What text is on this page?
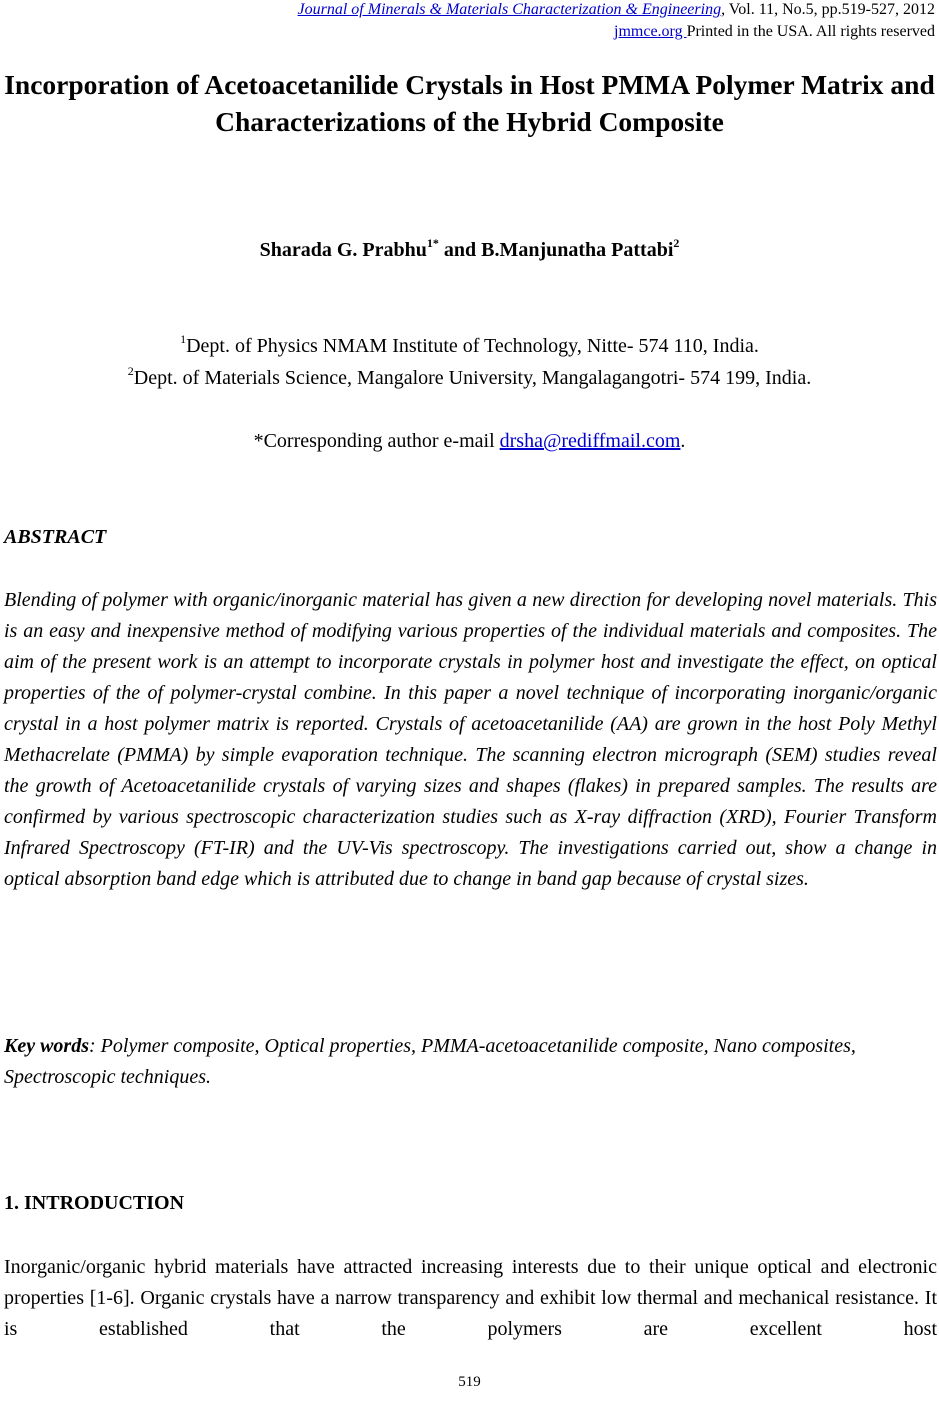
Journal of Minerals & Materials Characterization & Engineering, Vol. 11, No.5, pp.519-527, 2012
jmmce.org Printed in the USA. All rights reserved
Incorporation of Acetoacetanilide Crystals in Host PMMA Polymer Matrix and Characterizations of the Hybrid Composite
Sharada G. Prabhu$^{1*}$ and B.Manjunatha Pattabi$^2$
$^1$Dept. of Physics NMAM Institute of Technology, Nitte- 574 110, India.
$^2$Dept. of Materials Science, Mangalore University, Mangalagangotri- 574 199, India.
*Corresponding author e-mail drsha@rediffmail.com.
ABSTRACT
Blending of polymer with organic/inorganic material has given a new direction for developing novel materials. This is an easy and inexpensive method of modifying various properties of the individual materials and composites. The aim of the present work is an attempt to incorporate crystals in polymer host and investigate the effect, on optical properties of the of polymer-crystal combine. In this paper a novel technique of incorporating inorganic/organic crystal in a host polymer matrix is reported. Crystals of acetoacetanilide (AA) are grown in the host Poly Methyl Methacrelate (PMMA) by simple evaporation technique. The scanning electron micrograph (SEM) studies reveal the growth of Acetoacetanilide crystals of varying sizes and shapes (flakes) in prepared samples. The results are confirmed by various spectroscopic characterization studies such as X-ray diffraction (XRD), Fourier Transform Infrared Spectroscopy (FT-IR) and the UV-Vis spectroscopy. The investigations carried out, show a change in optical absorption band edge which is attributed due to change in band gap because of crystal sizes.
Key words: Polymer composite, Optical properties, PMMA-acetoacetanilide composite, Nano composites, Spectroscopic techniques.
1. INTRODUCTION
Inorganic/organic hybrid materials have attracted increasing interests due to their unique optical and electronic properties [1-6]. Organic crystals have a narrow transparency and exhibit low thermal and mechanical resistance. It is established that the polymers are excellent host
519
